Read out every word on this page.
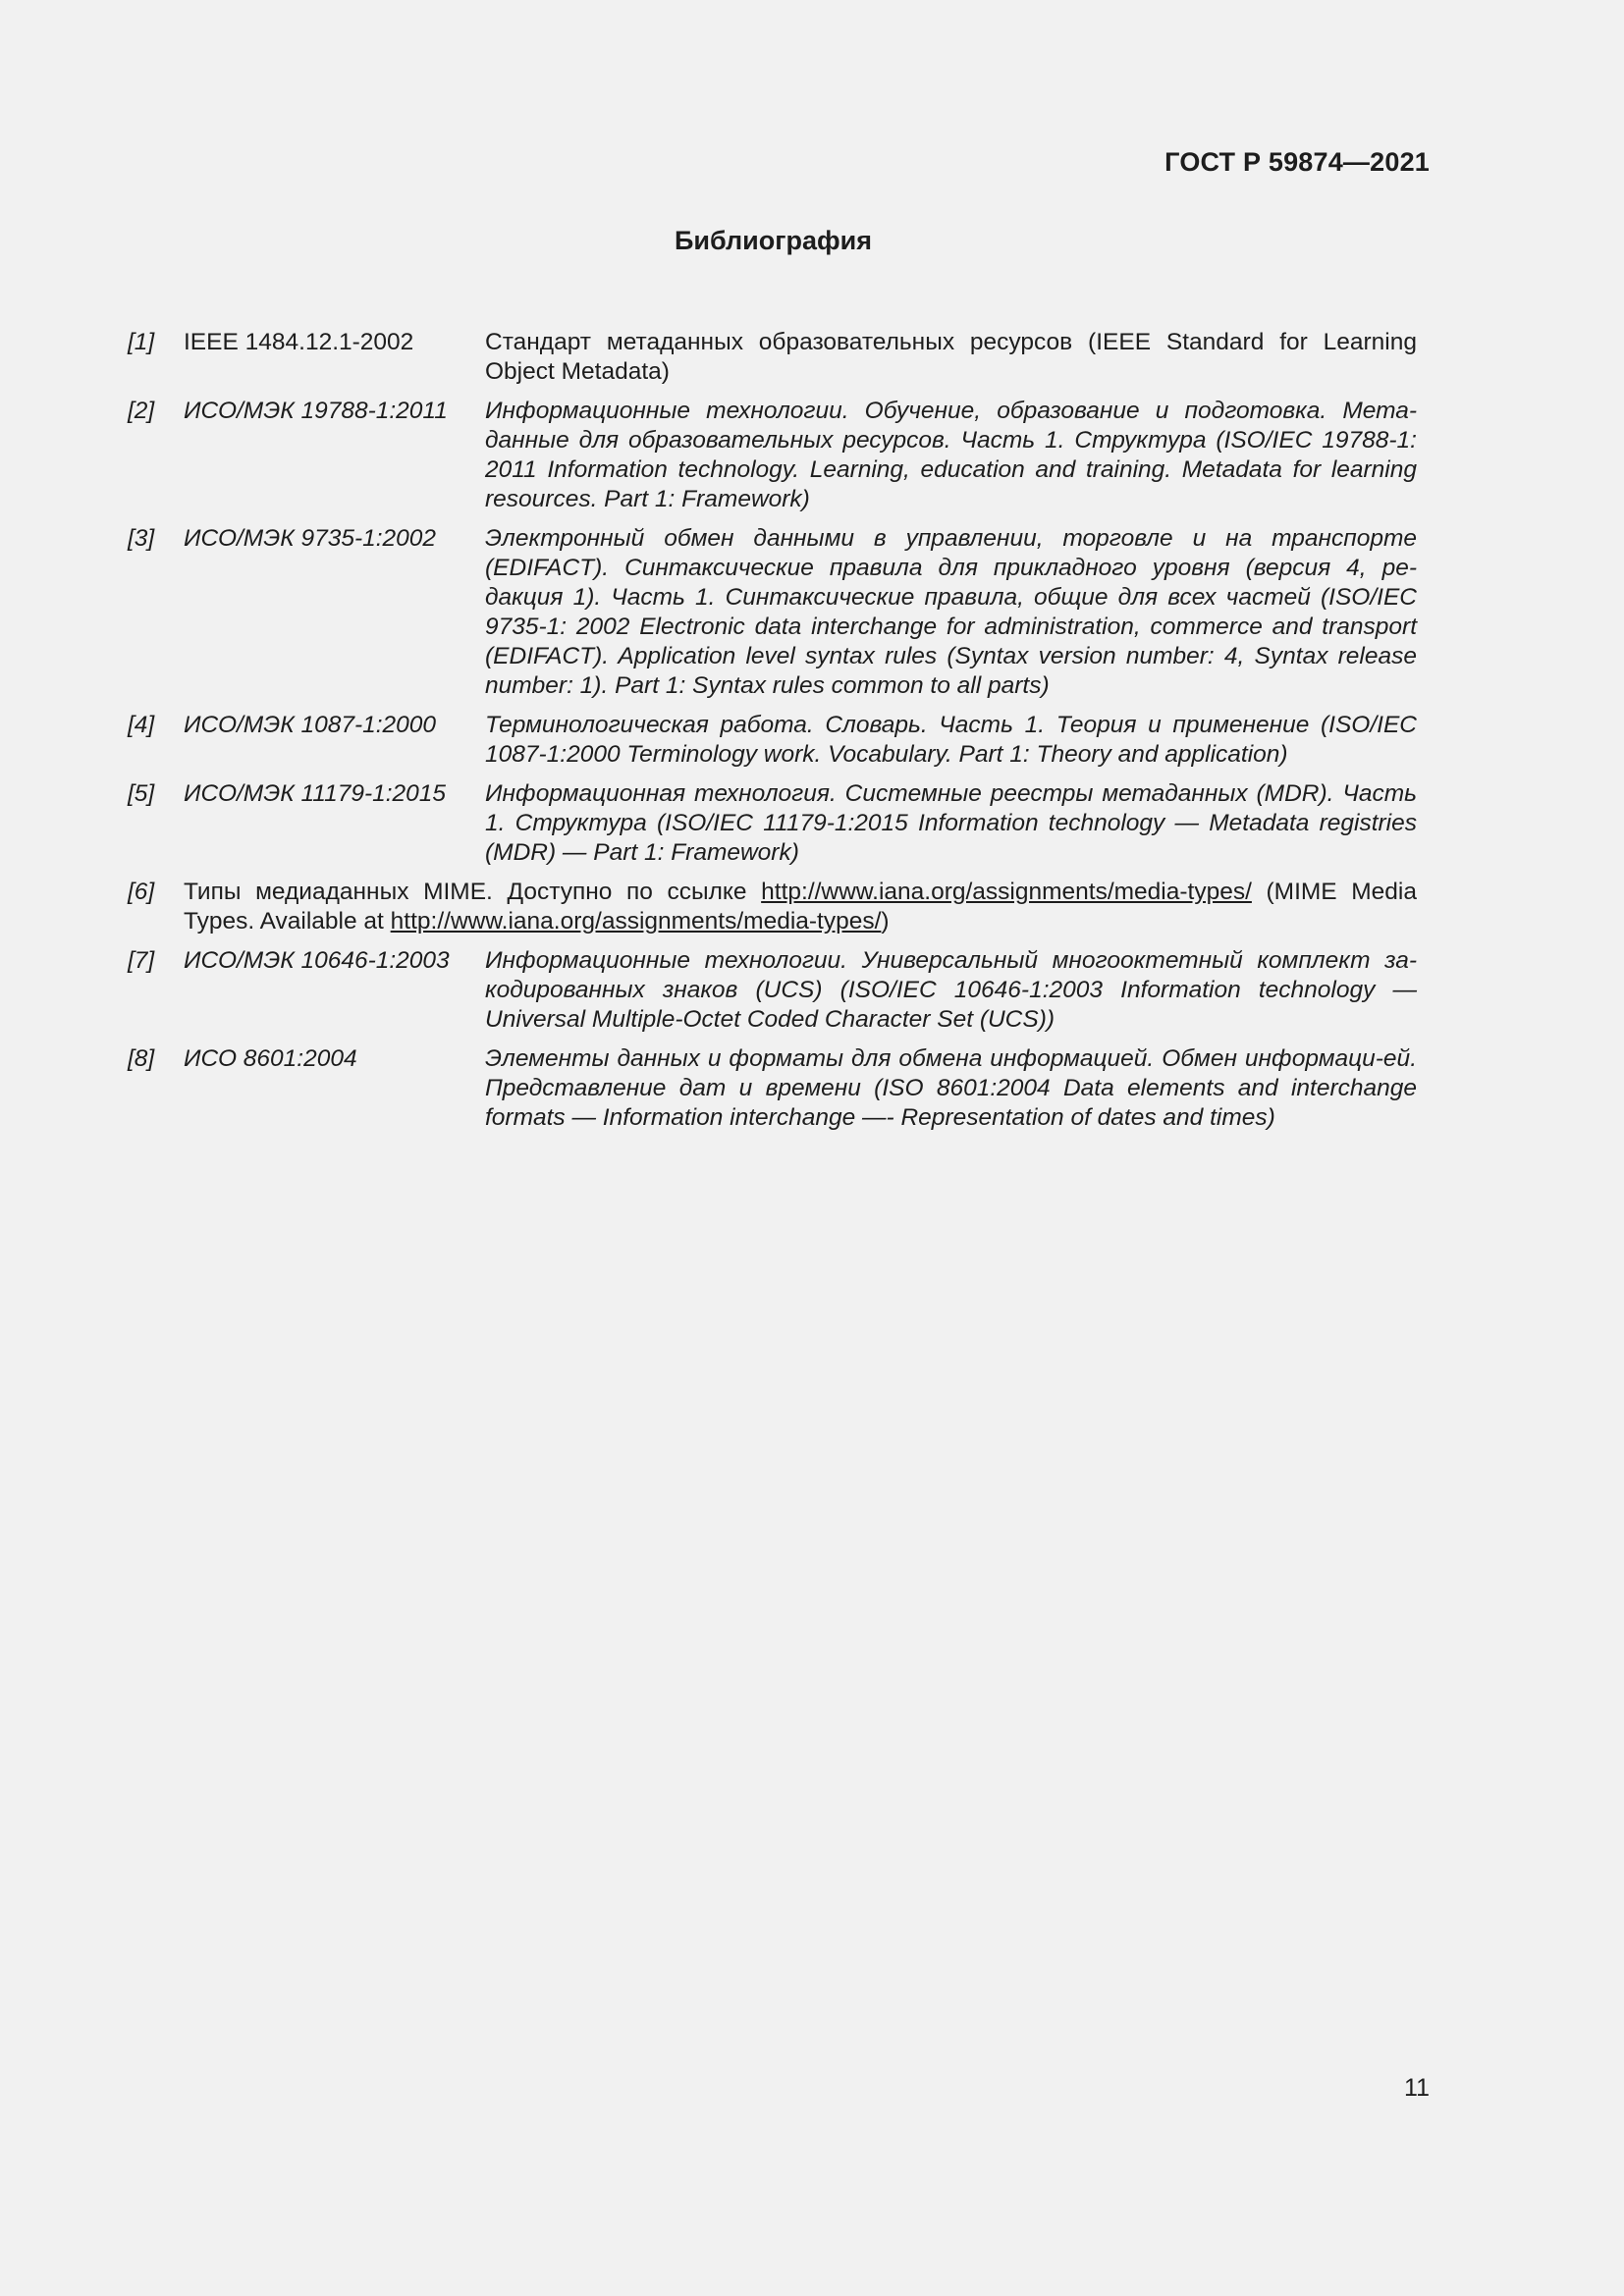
ГОСТ Р 59874—2021
Библиография
[1]	IEEE 1484.12.1-2002	Стандарт метаданных образовательных ресурсов (IEEE Standard for Learning Object Metadata)
[2]	ИСО/МЭК 19788-1:2011	Информационные технологии. Обучение, образование и подготовка. Мета-данные для образовательных ресурсов. Часть 1. Структура (ISO/IEC 19788-1: 2011 Information technology. Learning, education and training. Metadata for learning resources. Part 1: Framework)
[3]	ИСО/МЭК 9735-1:2002	Электронный обмен данными в управлении, торговле и на транспорте (EDIFACT). Синтаксические правила для прикладного уровня (версия 4, ре-дакция 1). Часть 1. Синтаксические правила, общие для всех частей (ISO/IEC 9735-1: 2002 Electronic data interchange for administration, commerce and transport (EDIFACT). Application level syntax rules (Syntax version number: 4, Syntax release number: 1). Part 1: Syntax rules common to all parts)
[4]	ИСО/МЭК 1087-1:2000	Терминологическая работа. Словарь. Часть 1. Теория и применение (ISO/IEC 1087-1:2000 Terminology work. Vocabulary. Part 1: Theory and application)
[5]	ИСО/МЭК 11179-1:2015	Информационная технология. Системные реестры метаданных (MDR). Часть 1. Структура (ISO/IEC 11179-1:2015 Information technology — Metadata registries (MDR) — Part 1: Framework)
[6]	Типы медиаданных MIME. Доступно по ссылке http://www.iana.org/assignments/media-types/ (MIME Media Types. Available at http://www.iana.org/assignments/media-types/)
[7]	ИСО/МЭК 10646-1:2003	Информационные технологии. Универсальный многооктетный комплект за-кодированных знаков (UCS) (ISO/IEC 10646-1:2003 Information technology — Universal Multiple-Octet Coded Character Set (UCS))
[8]	ИСО 8601:2004	Элементы данных и форматы для обмена информацией. Обмен информаци-ей. Представление дат и времени (ISO 8601:2004 Data elements and interchange formats — Information interchange —- Representation of dates and times)
11
